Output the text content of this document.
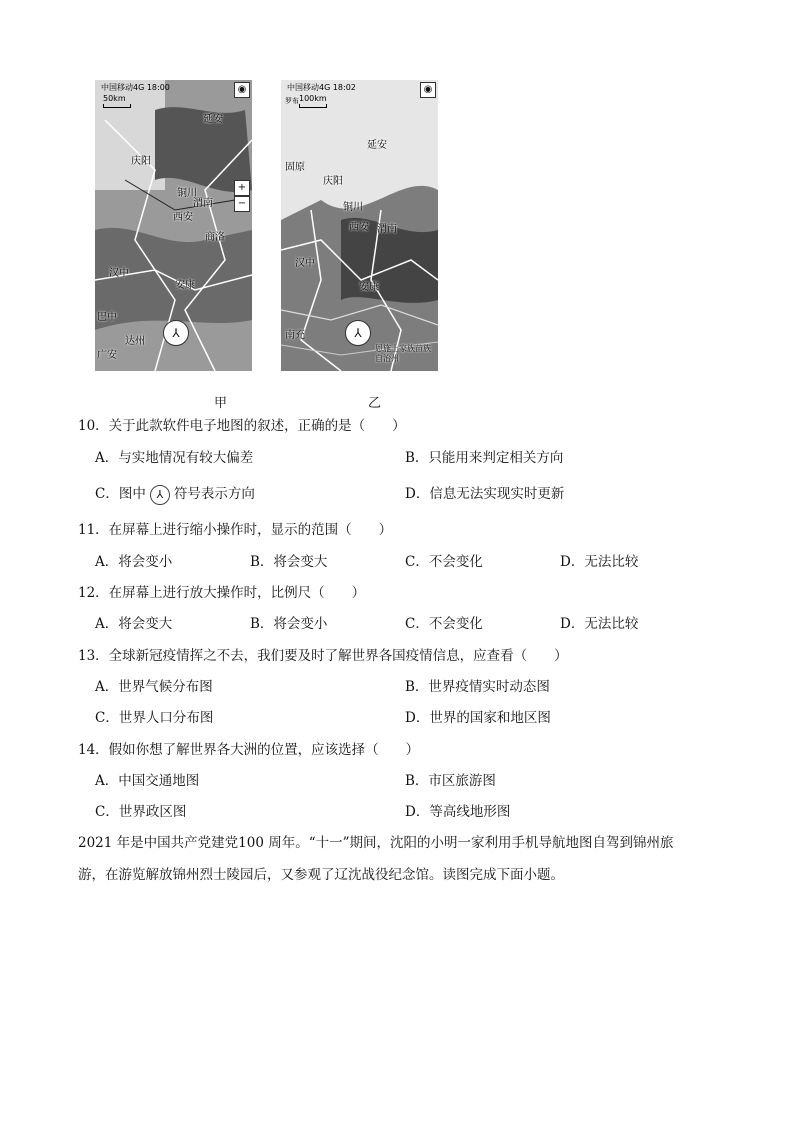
中国移动4G 18:00
50km
◉
+
−
延安
庆阳
铜川
西安
渭南
商洛
汉中
安康
巴中
达州
广安
⅄
甲
中国移动4G 18:02
罗布 100km
◉
延安
固原
庆阳
铜川
西安 渭南
汉中
安康
南充
恩施土家族苗族自治州
⅄
乙
10．关于此款软件电子地图的叙述，正确的是（　　）
A．与实地情况有较大偏差	B．只能用来判定相关方向
C．图中 ⅄ 符号表示方向	D．信息无法实现实时更新
11．在屏幕上进行缩小操作时，显示的范围（　　）
A．将会变小	B．将会变大	C．不会变化	D．无法比较
12．在屏幕上进行放大操作时，比例尺（　　）
A．将会变大	B．将会变小	C．不会变化	D．无法比较
13．全球新冠疫情挥之不去，我们要及时了解世界各国疫情信息，应查看（　　）
A．世界气候分布图	B．世界疫情实时动态图
C．世界人口分布图	D．世界的国家和地区图
14．假如你想了解世界各大洲的位置，应该选择（　　）
A．中国交通地图	B．市区旅游图
C．世界政区图	D．等高线地形图
2021 年是中国共产党建党100 周年。“十一”期间，沈阳的小明一家利用手机导航地图自驾到锦州旅
游，在游览解放锦州烈士陵园后，又参观了辽沈战役纪念馆。读图完成下面小题。
